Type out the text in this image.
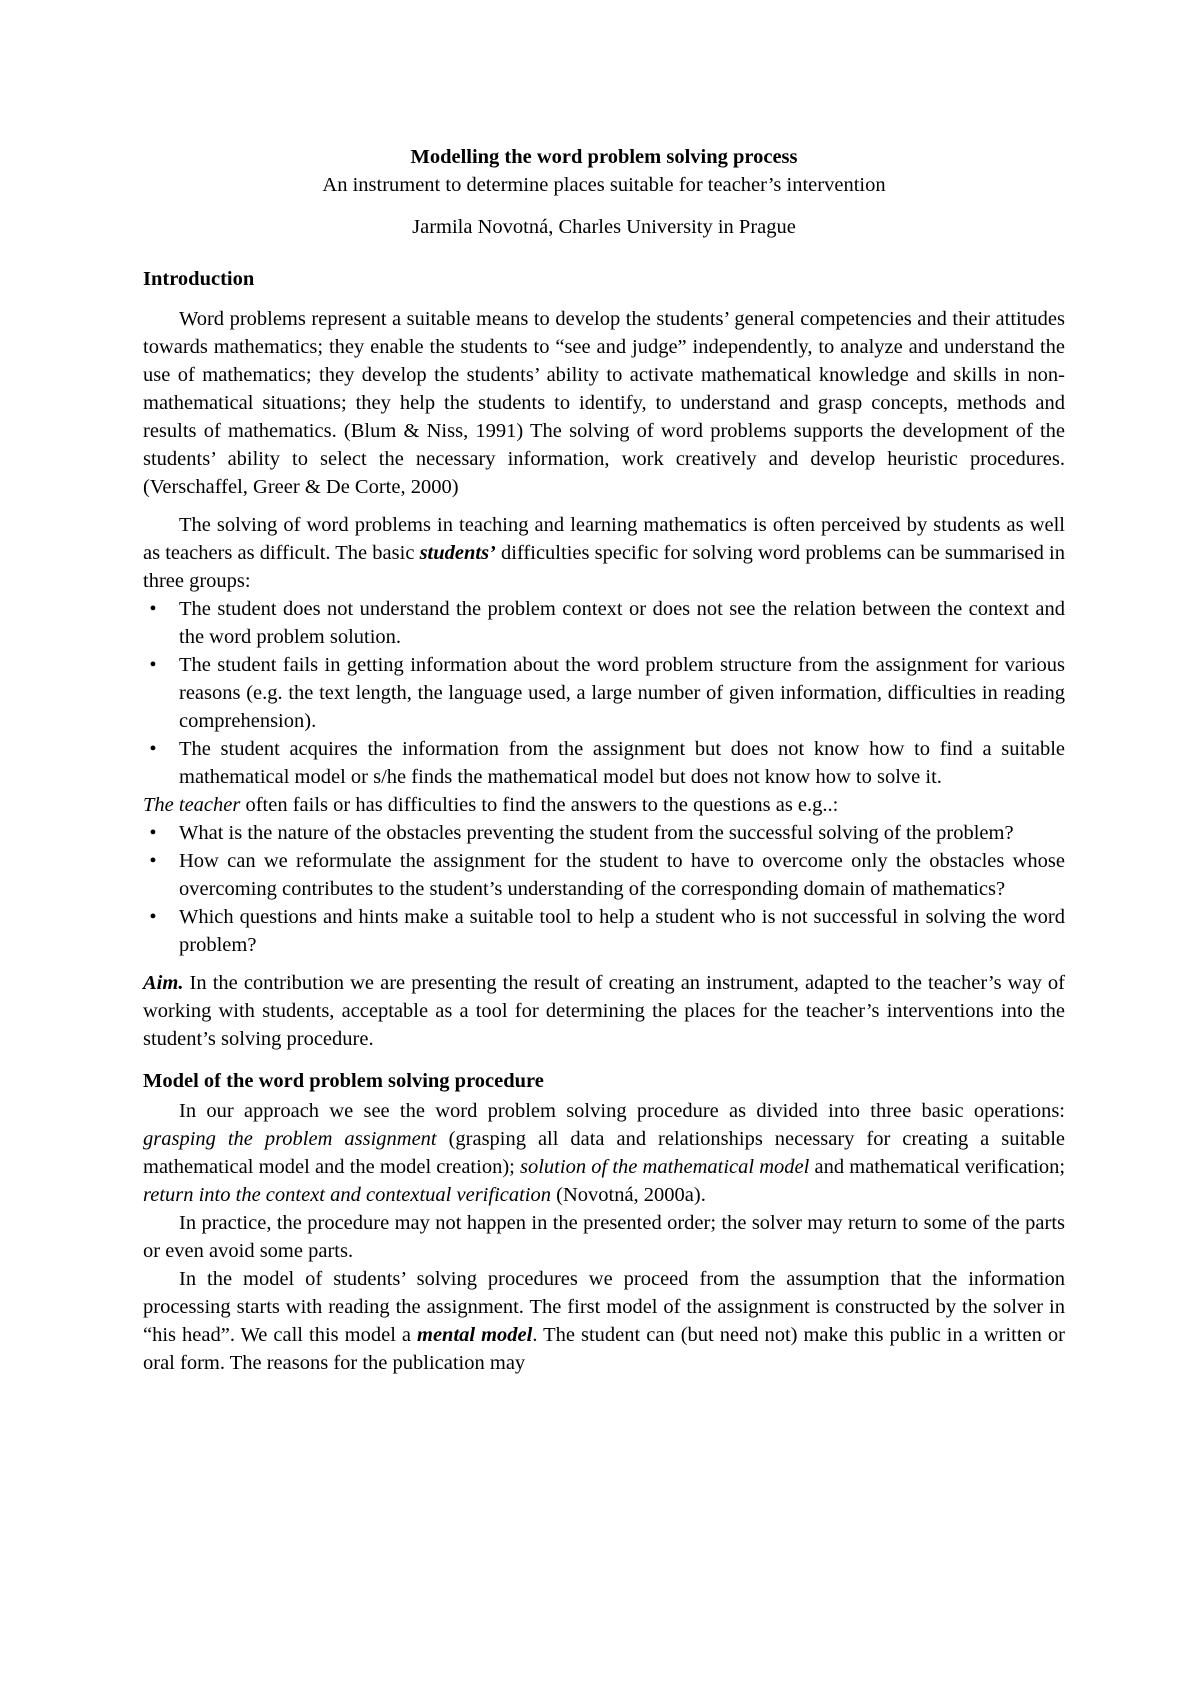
Modelling the word problem solving process

An instrument to determine places suitable for teacher’s intervention

Jarmila Novotná, Charles University in Prague

Introduction

Word problems represent a suitable means to develop the students’ general competencies and their attitudes towards mathematics; they enable the students to “see and judge” independently, to analyze and understand the use of mathematics; they develop the students’ ability to activate mathematical knowledge and skills in non-mathematical situations; they help the students to identify, to understand and grasp concepts, methods and results of mathematics. (Blum & Niss, 1991) The solving of word problems supports the development of the students’ ability to select the necessary information, work creatively and develop heuristic procedures. (Verschaffel, Greer & De Corte, 2000)

The solving of word problems in teaching and learning mathematics is often perceived by students as well as teachers as difficult. The basic students’ difficulties specific for solving word problems can be summarised in three groups:

•	The student does not understand the problem context or does not see the relation between the context and the word problem solution.
•	The student fails in getting information about the word problem structure from the assignment for various reasons (e.g. the text length, the language used, a large number of given information, difficulties in reading comprehension).
•	The student acquires the information from the assignment but does not know how to find a suitable mathematical model or s/he finds the mathematical model but does not know how to solve it.

The teacher often fails or has difficulties to find the answers to the questions as e.g..:

•	What is the nature of the obstacles preventing the student from the successful solving of the problem?
•	How can we reformulate the assignment for the student to have to overcome only the obstacles whose overcoming contributes to the student’s understanding of the corresponding domain of mathematics?
•	Which questions and hints make a suitable tool to help a student who is not successful in solving the word problem?

Aim. In the contribution we are presenting the result of creating an instrument, adapted to the teacher’s way of working with students, acceptable as a tool for determining the places for the teacher’s interventions into the student’s solving procedure.

Model of the word problem solving procedure

In our approach we see the word problem solving procedure as divided into three basic operations: grasping the problem assignment (grasping all data and relationships necessary for creating a suitable mathematical model and the model creation); solution of the mathematical model and mathematical verification; return into the context and contextual verification (Novotná, 2000a).

In practice, the procedure may not happen in the presented order; the solver may return to some of the parts or even avoid some parts.

In the model of students’ solving procedures we proceed from the assumption that the information processing starts with reading the assignment. The first model of the assignment is constructed by the solver in “his head”. We call this model a mental model. The student can (but need not) make this public in a written or oral form. The reasons for the publication may
